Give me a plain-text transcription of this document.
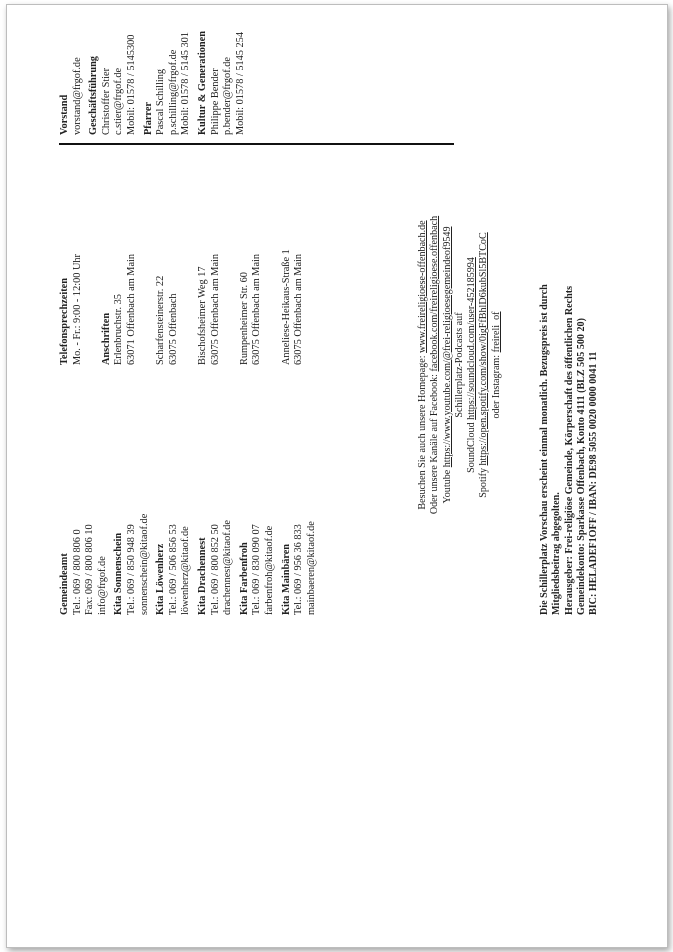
Gemeindeamt Tel.: 069 / 800 806 0 Fax: 069 / 800 806 10 info@frgof.de Kita Sonnenschein Tel.: 069 / 850 948 39 sonnenschein@kitaof.de Kita Löwenherz Tel.: 069 / 506 856 53 löwenherz@kitaof.de Kita Drachennest Tel.: 069 / 800 852 50 drachennest@kitaof.de Kita Farbenfroh Tel.: 069 / 830 090 07 farbenfroh@kitaof.de Kita Mainbären Tel.: 069 / 956 36 833 mainbaeren@kitaof.de
Telefonsprechzeiten Mo. - Fr.: 9:00 - 12:00 Uhr Anschriften Erlenbruchstr. 35 63071 Offenbach am Main Scharfensteinerstr. 22 63075 Offenbach
Bischofsheimer Weg 17 63075 Offenbach am Main
Rumpenheimer Str. 60 63075 Offenbach am Main
Anneliese-Heikaus-Straße 1 63075 Offenbach am Main
Vorstand vorstand@frgof.de Geschäftsführung Christoffer Stier c.stier@frgof.de Mobil: 01578 / 5145300 Pfarrer Pascal Schilling p.schilling@frgof.de Mobil: 01578 / 5145 301 Kultur & Generationen Philippe Bender p.bender@frgof.de Mobil: 01578 / 5145 254
Besuchen Sie auch unsere Homepage: www.freireligioese-offenbach.de
Oder unsere Kanäle auf Facebook: facebook.com/freireligioese.offenbach
Youtube https://www.youtube.com/@frei-religioesegemeindeof9549 Schillerplatz-Podcasts auf
SoundCloud https://soundcloud.com/user-452185994
Spotify https://open.spotify.com/show/0igFfBhlD6kubSl5BTCoC oder Instagram: freireli_of	Die Schillerplatz Vorschau erscheint einmal monatlich. Bezugspreis ist durch Mitgliedsbeitrag abgegolten. Herausgeber: Frei-religiöse Gemeinde, Körperschaft des öffentlichen Rechts Gemeindekonto: Sparkasse Offenbach, Konto 4111 (BLZ 505 500 20) BIC: HELADEF1OFF / IBAN: DE98 5055 0020 0000 0041 11
